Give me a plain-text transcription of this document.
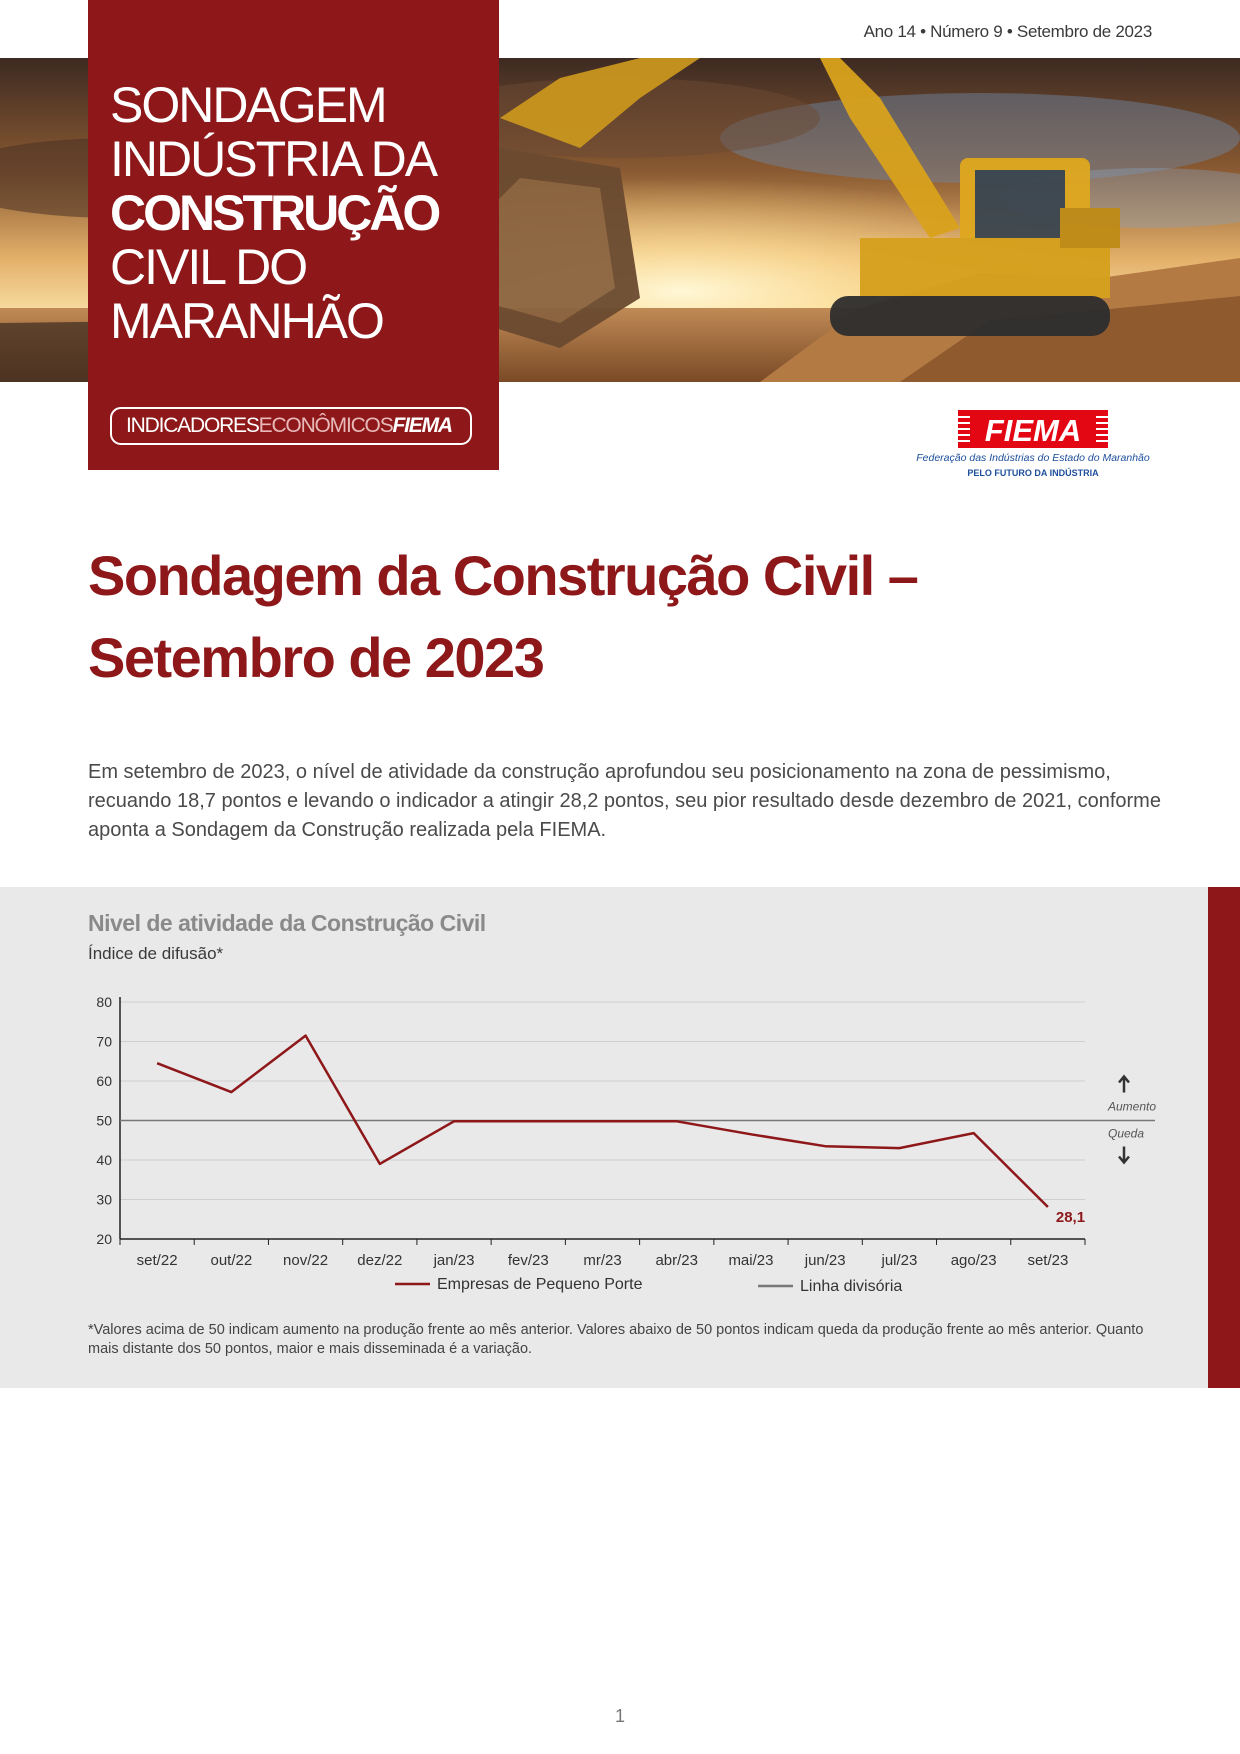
Ano 14 • Número 9 • Setembro de 2023
SONDAGEM
INDÚSTRIA DA
CONSTRUÇÃO
CIVIL DO
MARANHÃO
INDICADORESECONÔMICOSFIEMA	FIEMA
Federação das Indústrias do Estado do Maranhão
PELO FUTURO DA INDÚSTRIA
Sondagem da Construção Civil – Setembro de 2023

Em setembro de 2023, o nível de atividade da construção aprofundou seu posicionamento na zona de pessimismo, recuando 18,7 pontos e levando o indicador a atingir 28,2 pontos, seu pior resultado desde dezembro de 2021, conforme aponta a Sondagem da Construção realizada pela FIEMA.

Nivel de atividade da Construção Civil
Índice de difusão*
20
30
40
50
60
70
80
set/22 out/22 nov/22 dez/22 jan/23 fev/23 mr/23 abr/23 mai/23 jun/23 jul/23 ago/23 set/23
Aumento
Queda
28,1
Empresas de Pequeno Porte	Linha divisória

*Valores acima de 50 indicam aumento na produção frente ao mês anterior. Valores abaixo de 50 pontos indicam queda da produção frente ao mês anterior. Quanto mais distante dos 50 pontos, maior e mais disseminada é a variação.

1
